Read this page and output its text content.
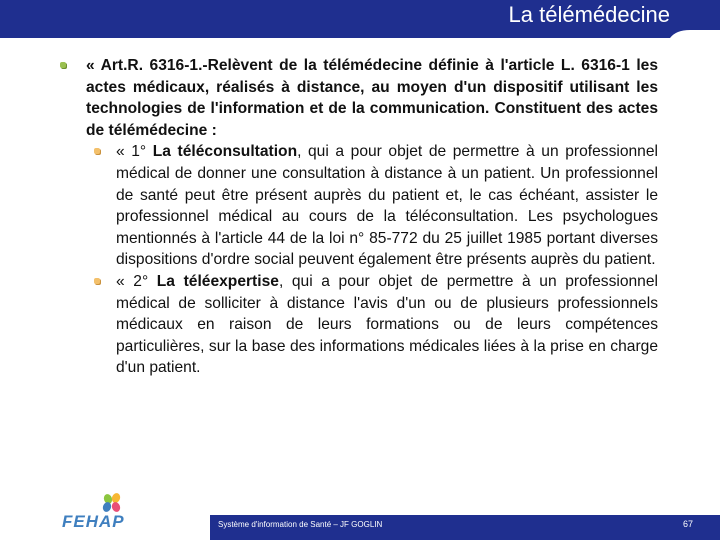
La télémédecine
« Art.R. 6316-1.-Relèvent de la télémédecine définie à l'article L. 6316-1 les actes médicaux, réalisés à distance, au moyen d'un dispositif utilisant les technologies de l'information et de la communication. Constituent des actes de télémédecine :
« 1° La téléconsultation, qui a pour objet de permettre à un professionnel médical de donner une consultation à distance à un patient. Un professionnel de santé peut être présent auprès du patient et, le cas échéant, assister le professionnel médical au cours de la téléconsultation. Les psychologues mentionnés à l'article 44 de la loi n° 85-772 du 25 juillet 1985 portant diverses dispositions d'ordre social peuvent également être présents auprès du patient.
« 2° La téléexpertise, qui a pour objet de permettre à un professionnel médical de solliciter à distance l'avis d'un ou de plusieurs professionnels médicaux en raison de leurs formations ou de leurs compétences particulières, sur la base des informations médicales liées à la prise en charge d'un patient.
FEHAP	Système d'information de Santé – JF GOGLIN	67
